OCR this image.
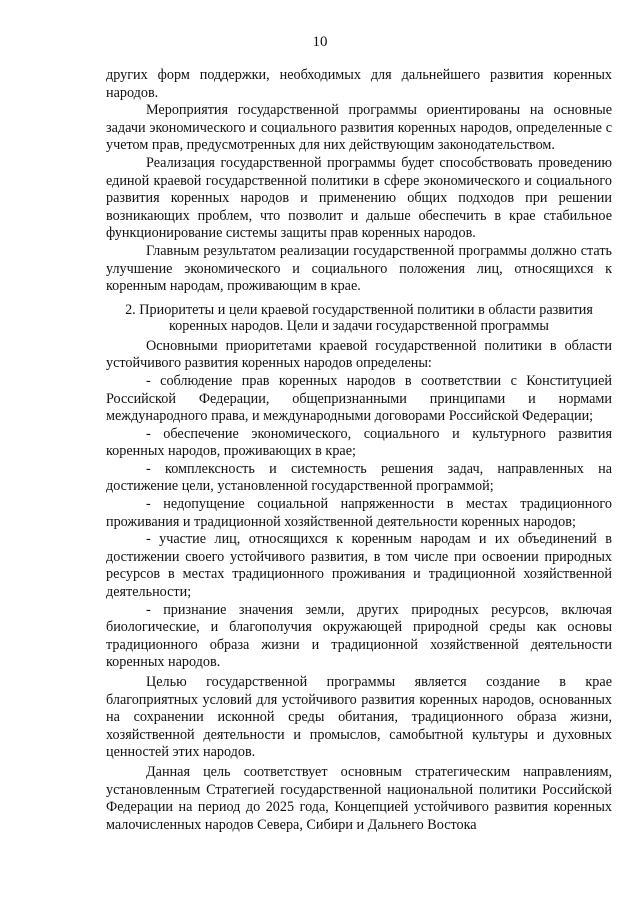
10

других форм поддержки, необходимых для дальнейшего развития коренных народов.

Мероприятия государственной программы ориентированы на основные задачи экономического и социального развития коренных народов, определенные с учетом прав, предусмотренных для них действующим законодательством.

Реализация государственной программы будет способствовать проведению единой краевой государственной политики в сфере экономического и социального развития коренных народов и применению общих подходов при решении возникающих проблем, что позволит и дальше обеспечить в крае стабильное функционирование системы защиты прав коренных народов.

Главным результатом реализации государственной программы должно стать улучшение экономического и социального положения лиц, относящихся к коренным народам, проживающим в крае.

2. Приоритеты и цели краевой государственной политики в области развития коренных народов. Цели и задачи государственной программы

Основными приоритетами краевой государственной политики в области устойчивого развития коренных народов определены:

- соблюдение прав коренных народов в соответствии с Конституцией Российской Федерации, общепризнанными принципами и нормами международного права, и международными договорами Российской Федерации;

- обеспечение экономического, социального и культурного развития коренных народов, проживающих в крае;

- комплексность и системность решения задач, направленных на достижение цели, установленной государственной программой;

- недопущение социальной напряженности в местах традиционного проживания и традиционной хозяйственной деятельности коренных народов;

- участие лиц, относящихся к коренным народам и их объединений в достижении своего устойчивого развития, в том числе при освоении природных ресурсов в местах традиционного проживания и традиционной хозяйственной деятельности;

- признание значения земли, других природных ресурсов, включая биологические, и благополучия окружающей природной среды как основы традиционного образа жизни и традиционной хозяйственной деятельности коренных народов.

Целью государственной программы является создание в крае благоприятных условий для устойчивого развития коренных народов, основанных на сохранении исконной среды обитания, традиционного образа жизни, хозяйственной деятельности и промыслов, самобытной культуры и духовных ценностей этих народов.

Данная цель соответствует основным стратегическим направлениям, установленным Стратегией государственной национальной политики Российской Федерации на период до 2025 года, Концепцией устойчивого развития коренных малочисленных народов Севера, Сибири и Дальнего Востока
